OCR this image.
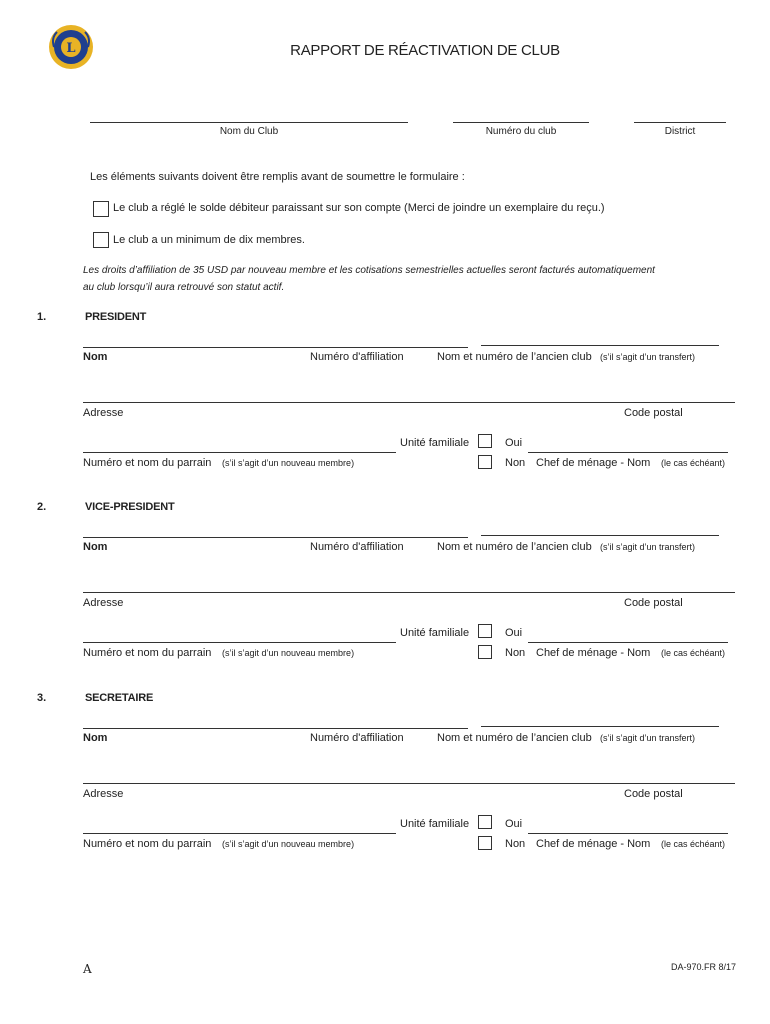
L	RAPPORT DE RÉACTIVATION DE CLUB
Nom du Club	Numéro du club	District
Les éléments suivants doivent être remplis avant de soumettre le formulaire :
Le club a réglé le solde débiteur paraissant sur son compte (Merci de joindre un exemplaire du reçu.)
Le club a un minimum de dix membres.
Les droits d’affiliation de 35 USD par nouveau membre et les cotisations semestrielles actuelles seront facturés automatiquement
au club lorsqu’il aura retrouvé son statut actif.
1.	PRESIDENT
Nom	Numéro d'affiliation	Nom et numéro de l’ancien club (s’il s’agit d’un transfert)
Adresse	Code postal
Unité familiale	Oui
Numéro et nom du parrain (s’il s’agit d’un nouveau membre)	Non Chef de ménage - Nom (le cas échéant)
2.	VICE-PRESIDENT
Nom	Numéro d'affiliation	Nom et numéro de l’ancien club (s’il s’agit d’un transfert)
Adresse	Code postal
Unité familiale	Oui
Numéro et nom du parrain (s’il s’agit d’un nouveau membre)	Non Chef de ménage - Nom (le cas échéant)
3.	SECRETAIRE
Nom	Numéro d'affiliation	Nom et numéro de l’ancien club (s’il s’agit d’un transfert)
Adresse	Code postal
Unité familiale	Oui
Numéro et nom du parrain (s’il s’agit d’un nouveau membre)	Non Chef de ménage - Nom (le cas échéant)
A	DA-970.FR 8/17
